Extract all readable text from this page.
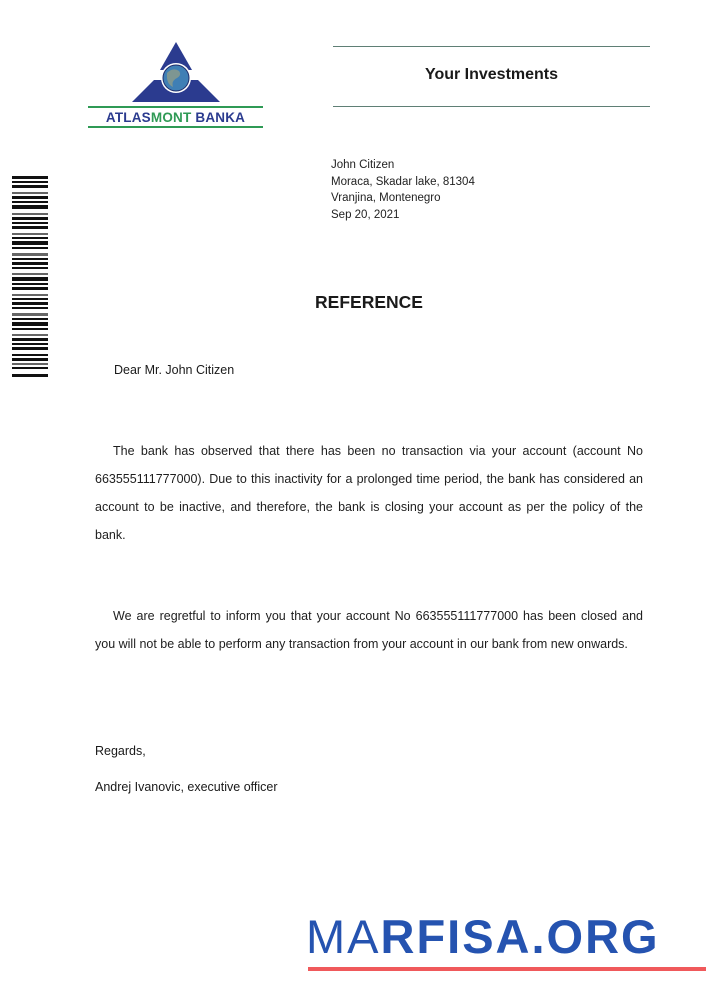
ATLASMONT BANKA
Your Investments
John Citizen
Moraca, Skadar lake, 81304
Vranjina, Montenegro
Sep 20, 2021
REFERENCE
Dear Mr. John Citizen
The bank has observed that there has been no transaction via your account (account No 663555111777000). Due to this inactivity for a prolonged time period, the bank has considered an account to be inactive, and therefore, the bank is closing your account as per the policy of the bank.
We are regretful to inform you that your account No 663555111777000 has been closed and you will not be able to perform any transaction from your account in our bank from new onwards.
Regards,
Andrej Ivanovic, executive officer
MARFISA.ORG
